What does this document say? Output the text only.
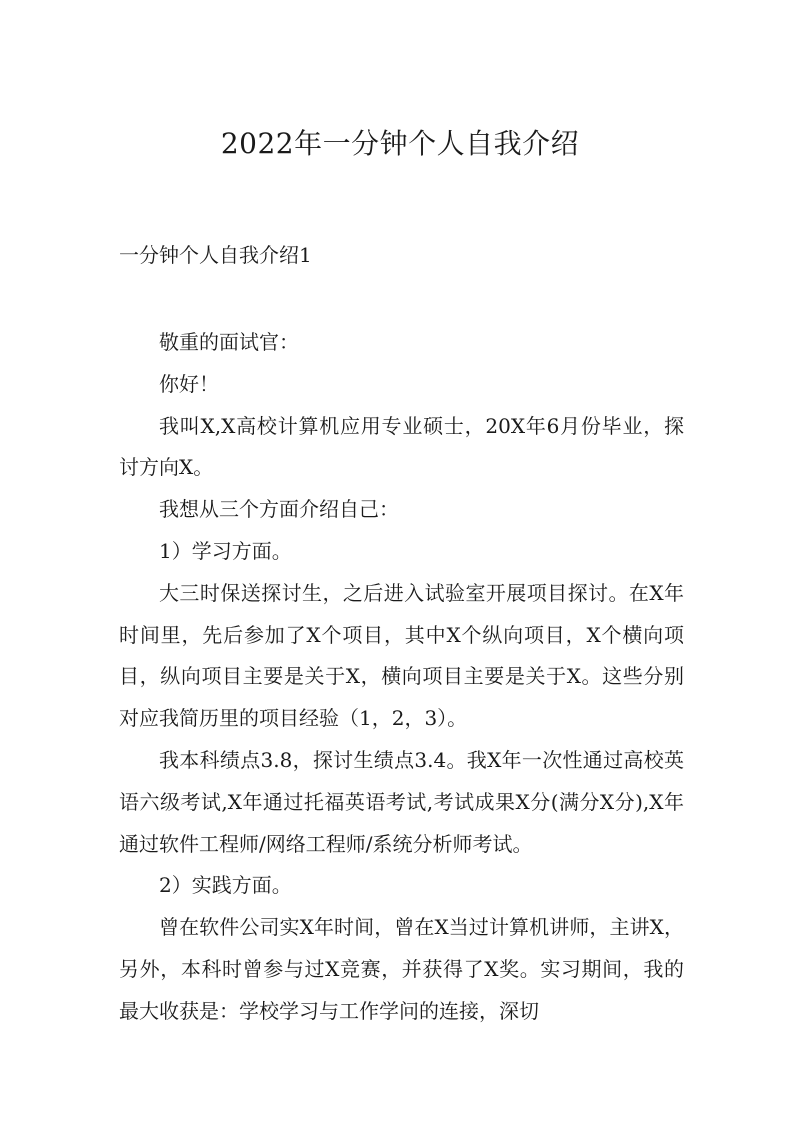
2022年一分钟个人自我介绍
一分钟个人自我介绍1

敬重的面试官：

你好！

我叫X,X高校计算机应用专业硕士，20X年6月份毕业，探讨方向X。

我想从三个方面介绍自己：

1）学习方面。

大三时保送探讨生，之后进入试验室开展项目探讨。在X年时间里，先后参加了X个项目，其中X个纵向项目，X个横向项目，纵向项目主要是关于X，横向项目主要是关于X。这些分别对应我简历里的项目经验（1，2，3）。

我本科绩点3.8，探讨生绩点3.4。我X年一次性通过高校英语六级考试,X年通过托福英语考试,考试成果X分(满分X分),X年通过软件工程师/网络工程师/系统分析师考试。

2）实践方面。

曾在软件公司实X年时间，曾在X当过计算机讲师，主讲X，另外，本科时曾参与过X竞赛，并获得了X奖。实习期间，我的最大收获是：学校学习与工作学问的连接，深切
